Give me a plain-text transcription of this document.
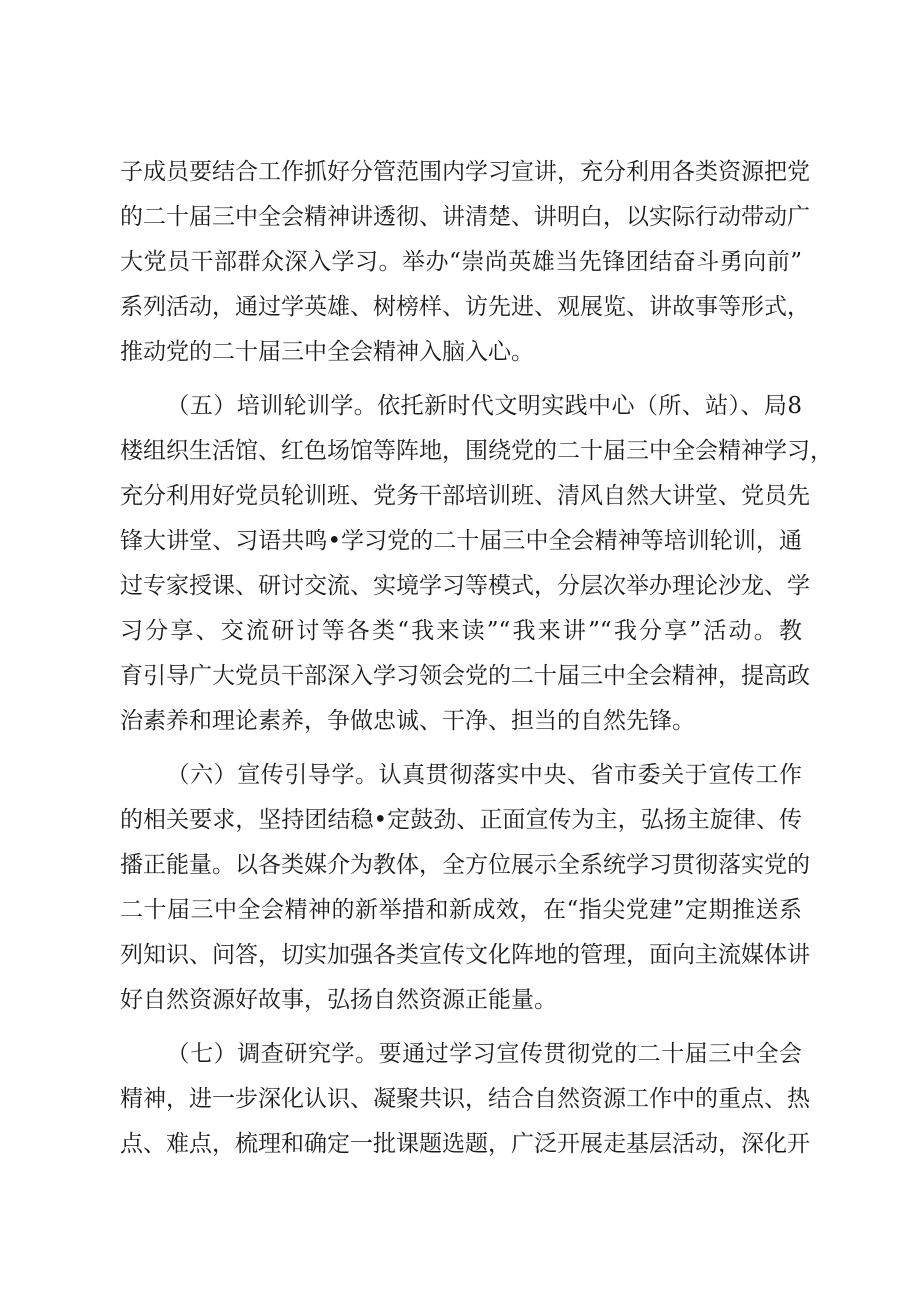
子成员要结合工作抓好分管范围内学习宣讲，充分利用各类资源把党
的二十届三中全会精神讲透彻、讲清楚、讲明白，以实际行动带动广
大党员干部群众深入学习。举办“崇尚英雄当先锋团结奋斗勇向前”
系列活动，通过学英雄、树榜样、访先进、观展览、讲故事等形式，
推动党的二十届三中全会精神入脑入心。
（五）培训轮训学。依托新时代文明实践中心（所、站）、局8
楼组织生活馆、红色场馆等阵地，围绕党的二十届三中全会精神学习，
充分利用好党员轮训班、党务干部培训班、清风自然大讲堂、党员先
锋大讲堂、习语共鸣•学习党的二十届三中全会精神等培训轮训，通
过专家授课、研讨交流、实境学习等模式，分层次举办理论沙龙、学
习分享、交流研讨等各类“我来读”“我来讲”“我分享”活动。教
育引导广大党员干部深入学习领会党的二十届三中全会精神，提高政
治素养和理论素养，争做忠诚、干净、担当的自然先锋。
（六）宣传引导学。认真贯彻落实中央、省市委关于宣传工作
的相关要求，坚持团结稳•定鼓劲、正面宣传为主，弘扬主旋律、传
播正能量。以各类媒介为教体，全方位展示全系统学习贯彻落实党的
二十届三中全会精神的新举措和新成效，在“指尖党建”定期推送系
列知识、问答，切实加强各类宣传文化阵地的管理，面向主流媒体讲
好自然资源好故事，弘扬自然资源正能量。
（七）调查研究学。要通过学习宣传贯彻党的二十届三中全会
精神，进一步深化认识、凝聚共识，结合自然资源工作中的重点、热
点、难点，梳理和确定一批课题选题，广泛开展走基层活动，深化开
